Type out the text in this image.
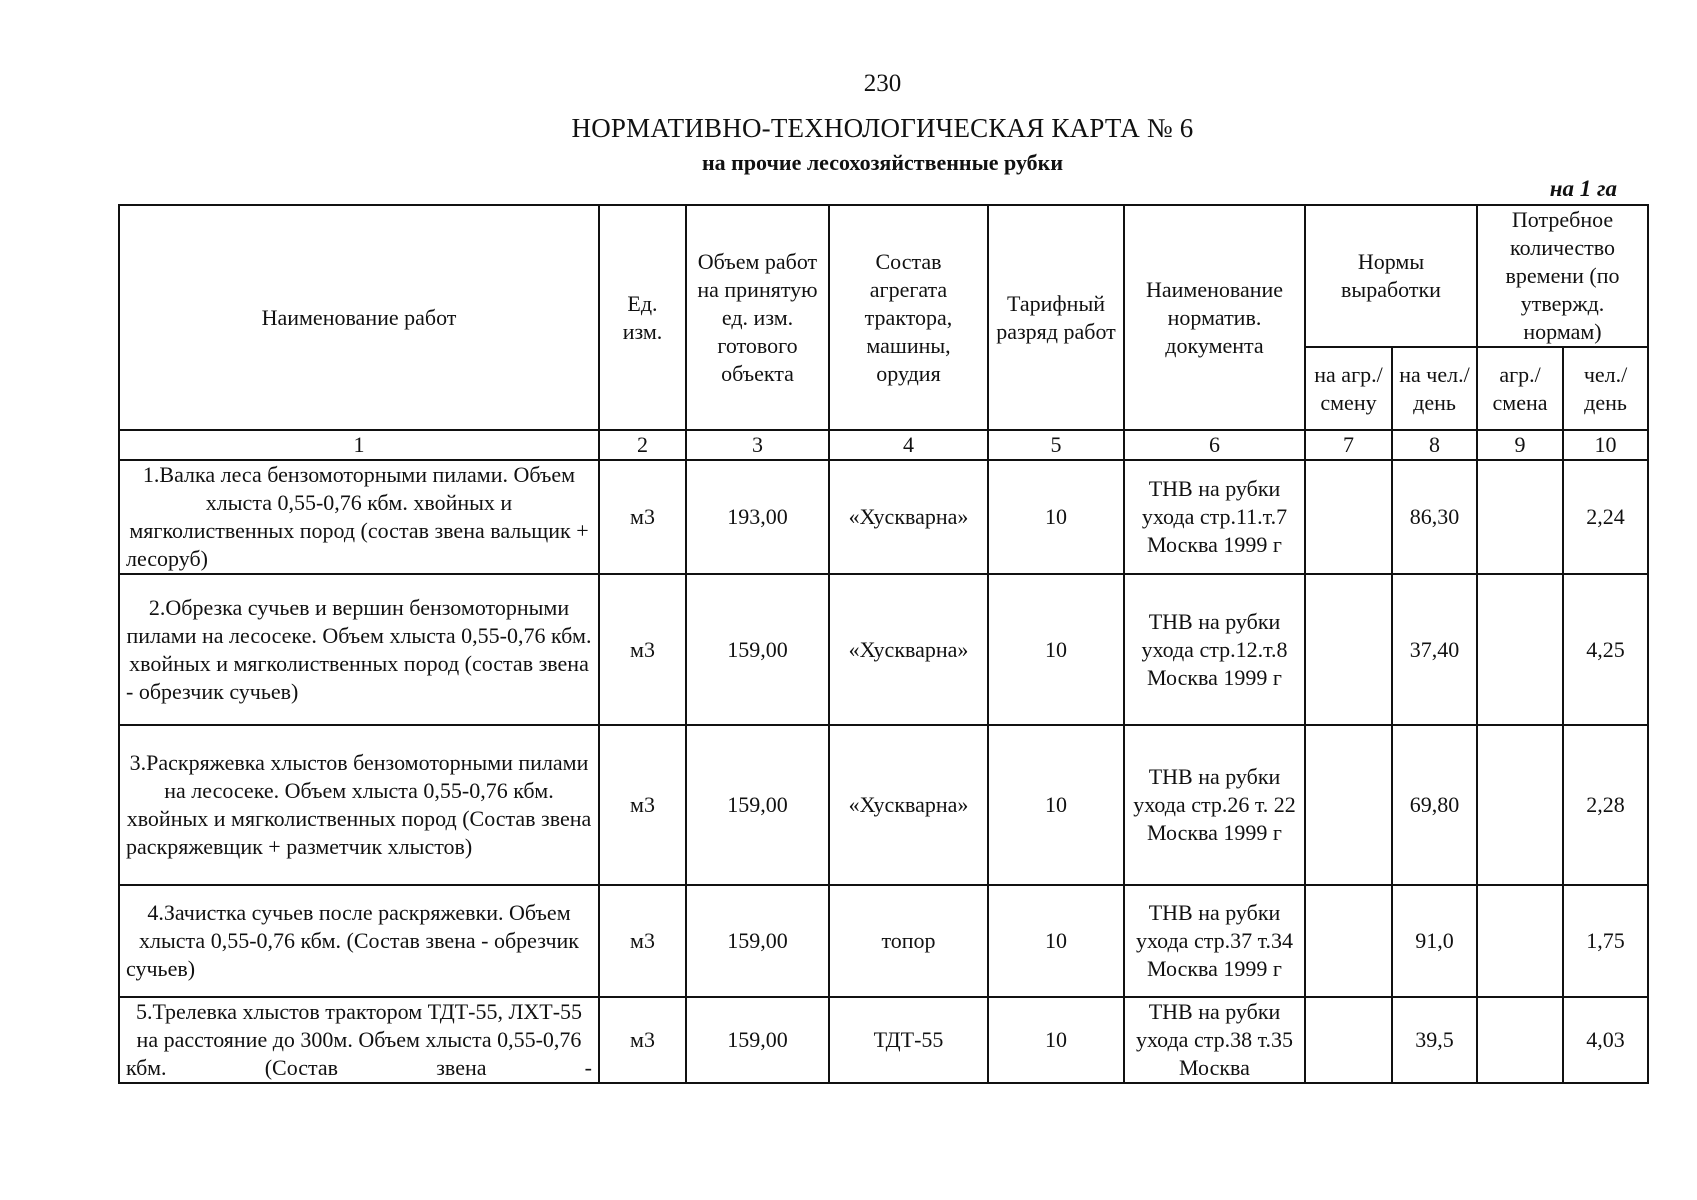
230
НОРМАТИВНО-ТЕХНОЛОГИЧЕСКАЯ КАРТА № 6
на прочие лесохозяйственные рубки
на 1 га
Наименование работ	Ед. изм.	Объем работ на принятую ед. изм. готового объекта	Состав агрегата трактора, машины, орудия	Тарифный разряд работ	Наименование норматив. документа	Нормы выработки		Потребное количество времени (по утвержд. нормам)	
						на агр./ смену	на чел./ день	агр./ смена	чел./ день
1	2	3	4	5	6	7	8	9	10
1.Валка леса бензомоторными пилами. Объем хлыста 0,55-0,76 кбм. хвойных и мягколиственных пород (состав звена вальщик + лесоруб)	м3	193,00	«Хускварна»	10	ТНВ на рубки ухода стр.11.т.7 Москва 1999 г		86,30		2,24
2.Обрезка сучьев и вершин бензомоторными пилами на лесосеке. Объем хлыста 0,55-0,76 кбм. хвойных и мягколиственных пород (состав звена - обрезчик сучьев)	м3	159,00	«Хускварна»	10	ТНВ на рубки ухода стр.12.т.8 Москва 1999 г		37,40		4,25
3.Раскряжевка хлыстов бензомоторными пилами на лесосеке. Объем хлыста 0,55-0,76 кбм. хвойных и мягколиственных пород (Состав звена раскряжевщик + разметчик хлыстов)	м3	159,00	«Хускварна»	10	ТНВ на рубки ухода стр.26 т. 22 Москва 1999 г		69,80		2,28
4.Зачистка сучьев после раскряжевки. Объем хлыста 0,55-0,76 кбм. (Состав звена - обрезчик сучьев)	м3	159,00	топор	10	ТНВ на рубки ухода стр.37 т.34 Москва 1999 г		91,0		1,75
5.Трелевка хлыстов трактором ТДТ-55, ЛХТ-55 на расстояние до 300м. Объем хлыста 0,55-0,76 кбм. (Состав звена -	м3	159,00	ТДТ-55	10	ТНВ на рубки ухода стр.38 т.35 Москва		39,5		4,03
